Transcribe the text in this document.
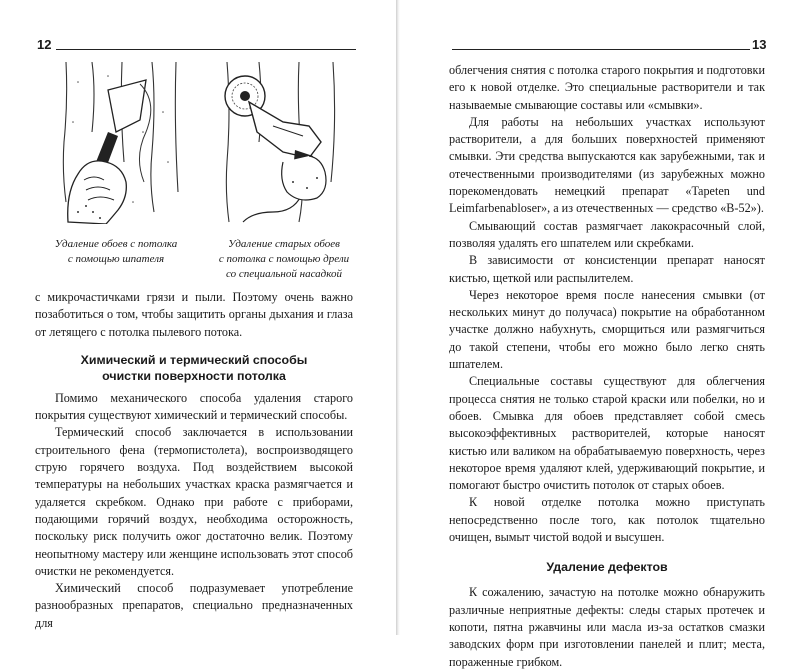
12
Удаление обоев с потолка
с помощью шпателя
Удаление старых обоев
с потолка с помощью дрели
со специальной насадкой

с микрочастичками грязи и пыли. Поэтому очень важно позаботиться о том, чтобы защитить органы дыхания и глаза от летящего с потолка пылевого потока.

Химический и термический способы
очистки поверхности потолка

Помимо механического способа удаления старого покрытия существуют химический и термический способы.

Термический способ заключается в использовании строительного фена (термопистолета), воспроизводящего струю горячего воздуха. Под воздействием высокой температуры на небольших участках краска размягчается и удаляется скребком. Однако при работе с приборами, подающими горячий воздух, необходима осторожность, поскольку риск получить ожог достаточно велик. Поэтому неопытному мастеру или женщине использовать этот способ очистки не рекомендуется.

Химический способ подразумевает употребление разнообразных препаратов, специально предназначенных для

13

облегчения снятия с потолка старого покрытия и подготовки его к новой отделке. Это специальные растворители и так называемые смывающие составы или «смывки».

Для работы на небольших участках используют растворители, а для больших поверхностей применяют смывки. Эти средства выпускаются как зарубежными, так и отечественными производителями (из зарубежных можно порекомендовать немецкий препарат «Tapeten und Leimfarbenabloser», а из отечественных — средство «В-52»).

Смывающий состав размягчает лакокрасочный слой, позволяя удалять его шпателем или скребками.

В зависимости от консистенции препарат наносят кистью, щеткой или распылителем.

Через некоторое время после нанесения смывки (от нескольких минут до получаса) покрытие на обработанном участке должно набухнуть, сморщиться или размягчиться до такой степени, чтобы его можно было легко снять шпателем.

Специальные составы существуют для облегчения процесса снятия не только старой краски или побелки, но и обоев. Смывка для обоев представляет собой смесь высокоэффективных растворителей, которые наносят кистью или валиком на обрабатываемую поверхность, через некоторое время удаляют клей, удерживающий покрытие, и помогают быстро очистить потолок от старых обоев.

К новой отделке потолка можно приступать непосредственно после того, как потолок тщательно очищен, вымыт чистой водой и высушен.

Удаление дефектов

К сожалению, зачастую на потолке можно обнаружить различные неприятные дефекты: следы старых протечек и копоти, пятна ржавчины или масла из-за остатков смазки заводских форм при изготовлении панелей и плит; места, пораженные грибком.
